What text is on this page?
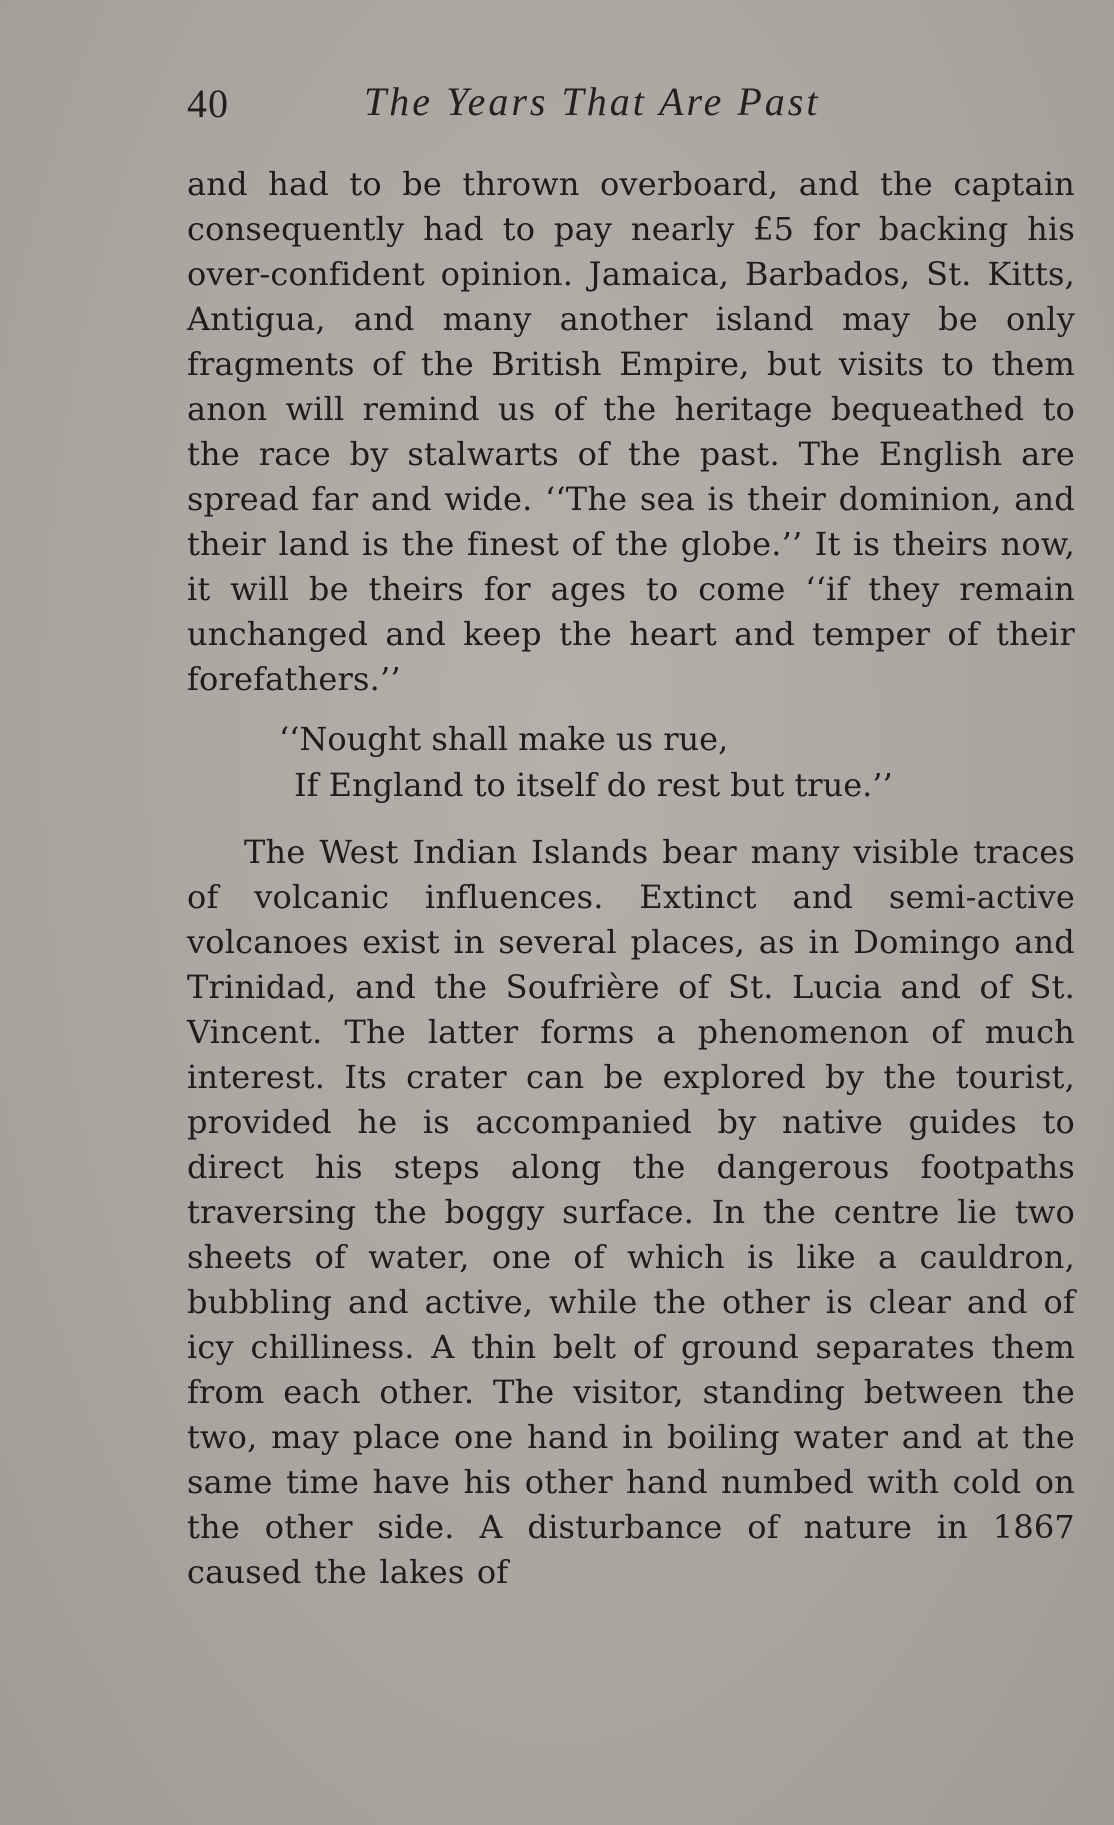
40	The Years That Are Past

and had to be thrown overboard, and the captain consequently had to pay nearly £5 for backing his over-confident opinion. Jamaica, Barbados, St. Kitts, Antigua, and many another island may be only fragments of the British Empire, but visits to them anon will remind us of the heritage bequeathed to the race by stalwarts of the past. The English are spread far and wide. ‘‘The sea is their dominion, and their land is the finest of the globe.’’ It is theirs now, it will be theirs for ages to come ‘‘if they remain unchanged and keep the heart and temper of their forefathers.’’

‘‘Nought shall make us rue,
If England to itself do rest but true.’’

The West Indian Islands bear many visible traces of volcanic influences. Extinct and semi-active volcanoes exist in several places, as in Domingo and Trinidad, and the Soufrière of St. Lucia and of St. Vincent. The latter forms a phenomenon of much interest. Its crater can be explored by the tourist, provided he is accompanied by native guides to direct his steps along the dangerous footpaths traversing the boggy surface. In the centre lie two sheets of water, one of which is like a cauldron, bubbling and active, while the other is clear and of icy chilliness. A thin belt of ground separates them from each other. The visitor, standing between the two, may place one hand in boiling water and at the same time have his other hand numbed with cold on the other side. A disturbance of nature in 1867 caused the lakes of
